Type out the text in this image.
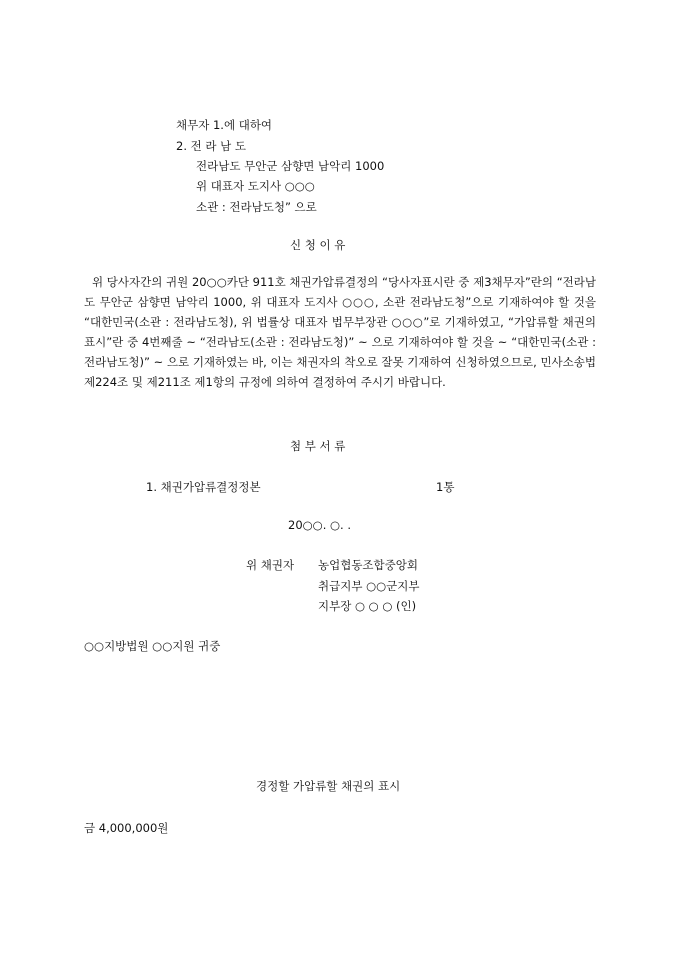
채무자 1.에 대하여
2. 전 라 남 도
전라남도 무안군 삼향면 남악리 1000
위 대표자 도지사 ○○○
소관 : 전라남도청” 으로
신 청 이 유
위 당사자간의 귀원 20○○카단 911호 채권가압류결정의 “당사자표시란 중 제3채무자”란의 “전라남도 무안군 삼향면 남악리 1000, 위 대표자 도지사 ○○○, 소관 전라남도청”으로 기재하여야 할 것을 “대한민국(소관 : 전라남도청), 위 법률상 대표자 법무부장관 ○○○”로 기재하였고, “가압류할 채권의 표시”란 중 4번째줄 ~ “전라남도(소관 : 전라남도청)” ~ 으로 기재하여야 할 것을 ~ “대한민국(소관 : 전라남도청)” ~ 으로 기재하였는 바, 이는 채권자의 착오로 잘못 기재하여 신청하였으므로, 민사소송법 제224조 및 제211조 제1항의 규정에 의하여 결정하여 주시기 바랍니다.
첨 부 서 류
1. 채권가압류결정정본	1통
20○○. ○. .
위 채권자 농업협동조합중앙회
취급지부 ○○군지부
지부장 ○ ○ ○ (인)
○○지방법원 ○○지원 귀중
경정할 가압류할 채권의 표시
금 4,000,000원
